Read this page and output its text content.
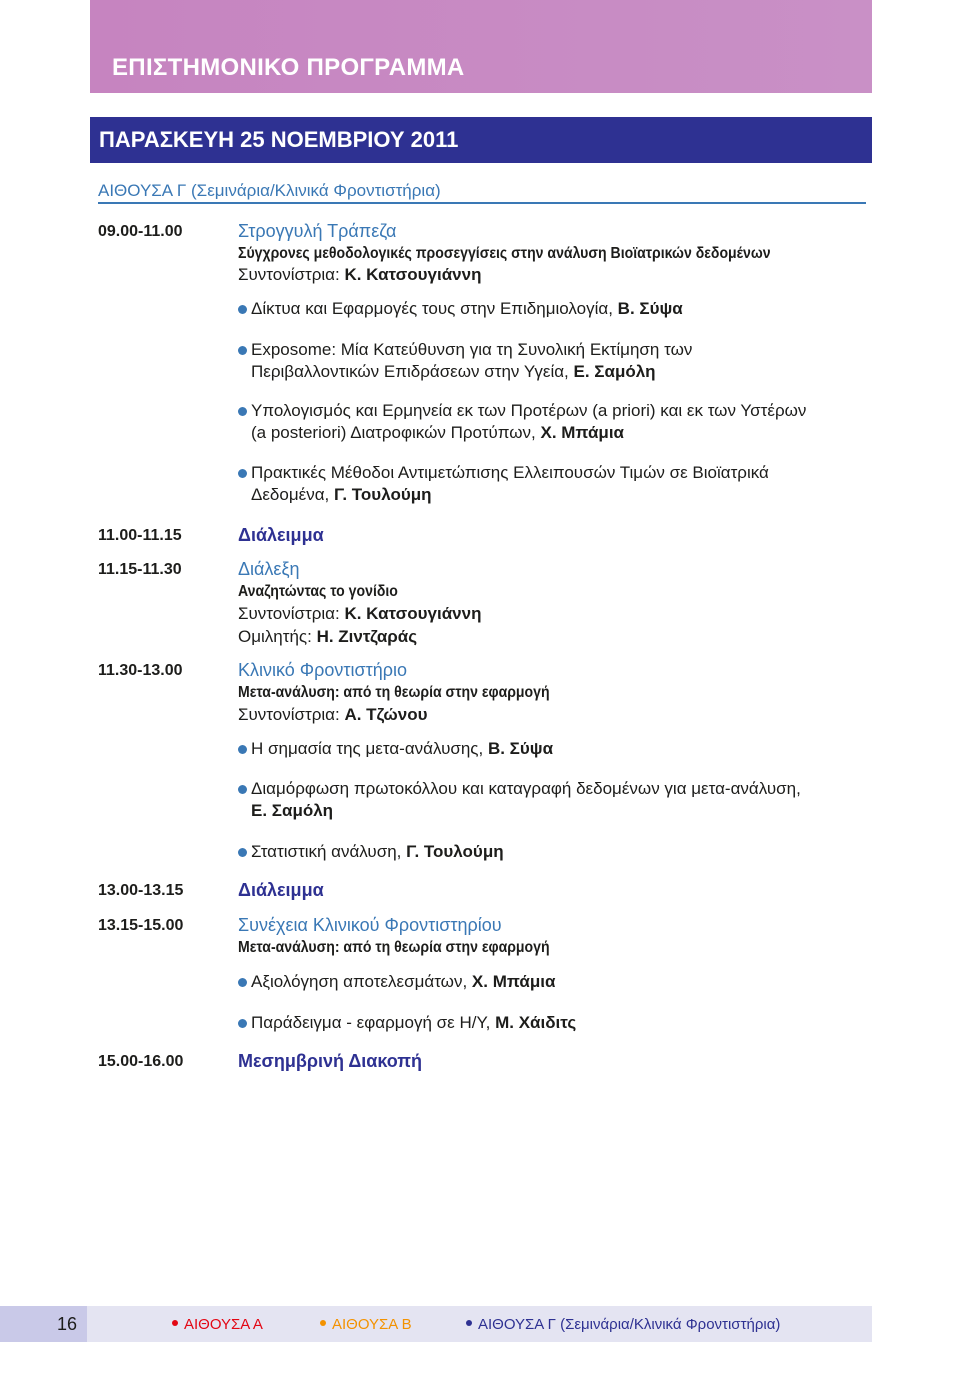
ΕΠΙΣΤΗΜΟΝΙΚΟ ΠΡΟΓΡΑΜΜΑ
ΠΑΡΑΣΚΕΥΗ 25 ΝΟΕΜΒΡΙΟΥ 2011
ΑΙΘΟΥΣΑ Γ (Σεμινάρια/Κλινικά Φροντιστήρια)
09.00-11.00	Στρογγυλή Τράπεζα
Σύγχρονες μεθοδολογικές προσεγγίσεις στην ανάλυση Βιοϊατρικών δεδομένων
Συντονίστρια: Κ. Κατσουγιάννη
Δίκτυα και Εφαρμογές τους στην Επιδημιολογία, Β. Σύψα
Exposome: Μία Κατεύθυνση για τη Συνολική Εκτίμηση των
Περιβαλλοντικών Επιδράσεων στην Υγεία, Ε. Σαμόλη
Υπολογισμός και Ερμηνεία εκ των Προτέρων (a priori) και εκ των Υστέρων
(a posteriori) Διατροφικών Προτύπων, Χ. Μπάμια
Πρακτικές Μέθοδοι Αντιμετώπισης Ελλειπουσών Τιμών σε Βιοϊατρικά
Δεδομένα, Γ. Τουλούμη
11.00-11.15	Διάλειμμα
11.15-11.30	Διάλεξη
Αναζητώντας το γονίδιο
Συντονίστρια: Κ. Κατσουγιάννη
Ομιλητής: Η. Ζιντζαράς
11.30-13.00	Κλινικό Φροντιστήριο
Μετα-ανάλυση: από τη θεωρία στην εφαρμογή
Συντονίστρια: Α. Τζώνου
Η σημασία της μετα-ανάλυσης, Β. Σύψα
Διαμόρφωση πρωτοκόλλου και καταγραφή δεδομένων για μετα-ανάλυση,
Ε. Σαμόλη
Στατιστική ανάλυση, Γ. Τουλούμη
13.00-13.15	Διάλειμμα
13.15-15.00	Συνέχεια Κλινικού Φροντιστηρίου
Μετα-ανάλυση: από τη θεωρία στην εφαρμογή
Αξιολόγηση αποτελεσμάτων, Χ. Μπάμια
Παράδειγμα - εφαρμογή σε Η/Υ, Μ. Χάιδιτς
15.00-16.00	Μεσημβρινή Διακοπή
16	ΑΙΘΟΥΣΑ Α	ΑΙΘΟΥΣΑ Β	ΑΙΘΟΥΣΑ Γ (Σεμινάρια/Κλινικά Φροντιστήρια)
